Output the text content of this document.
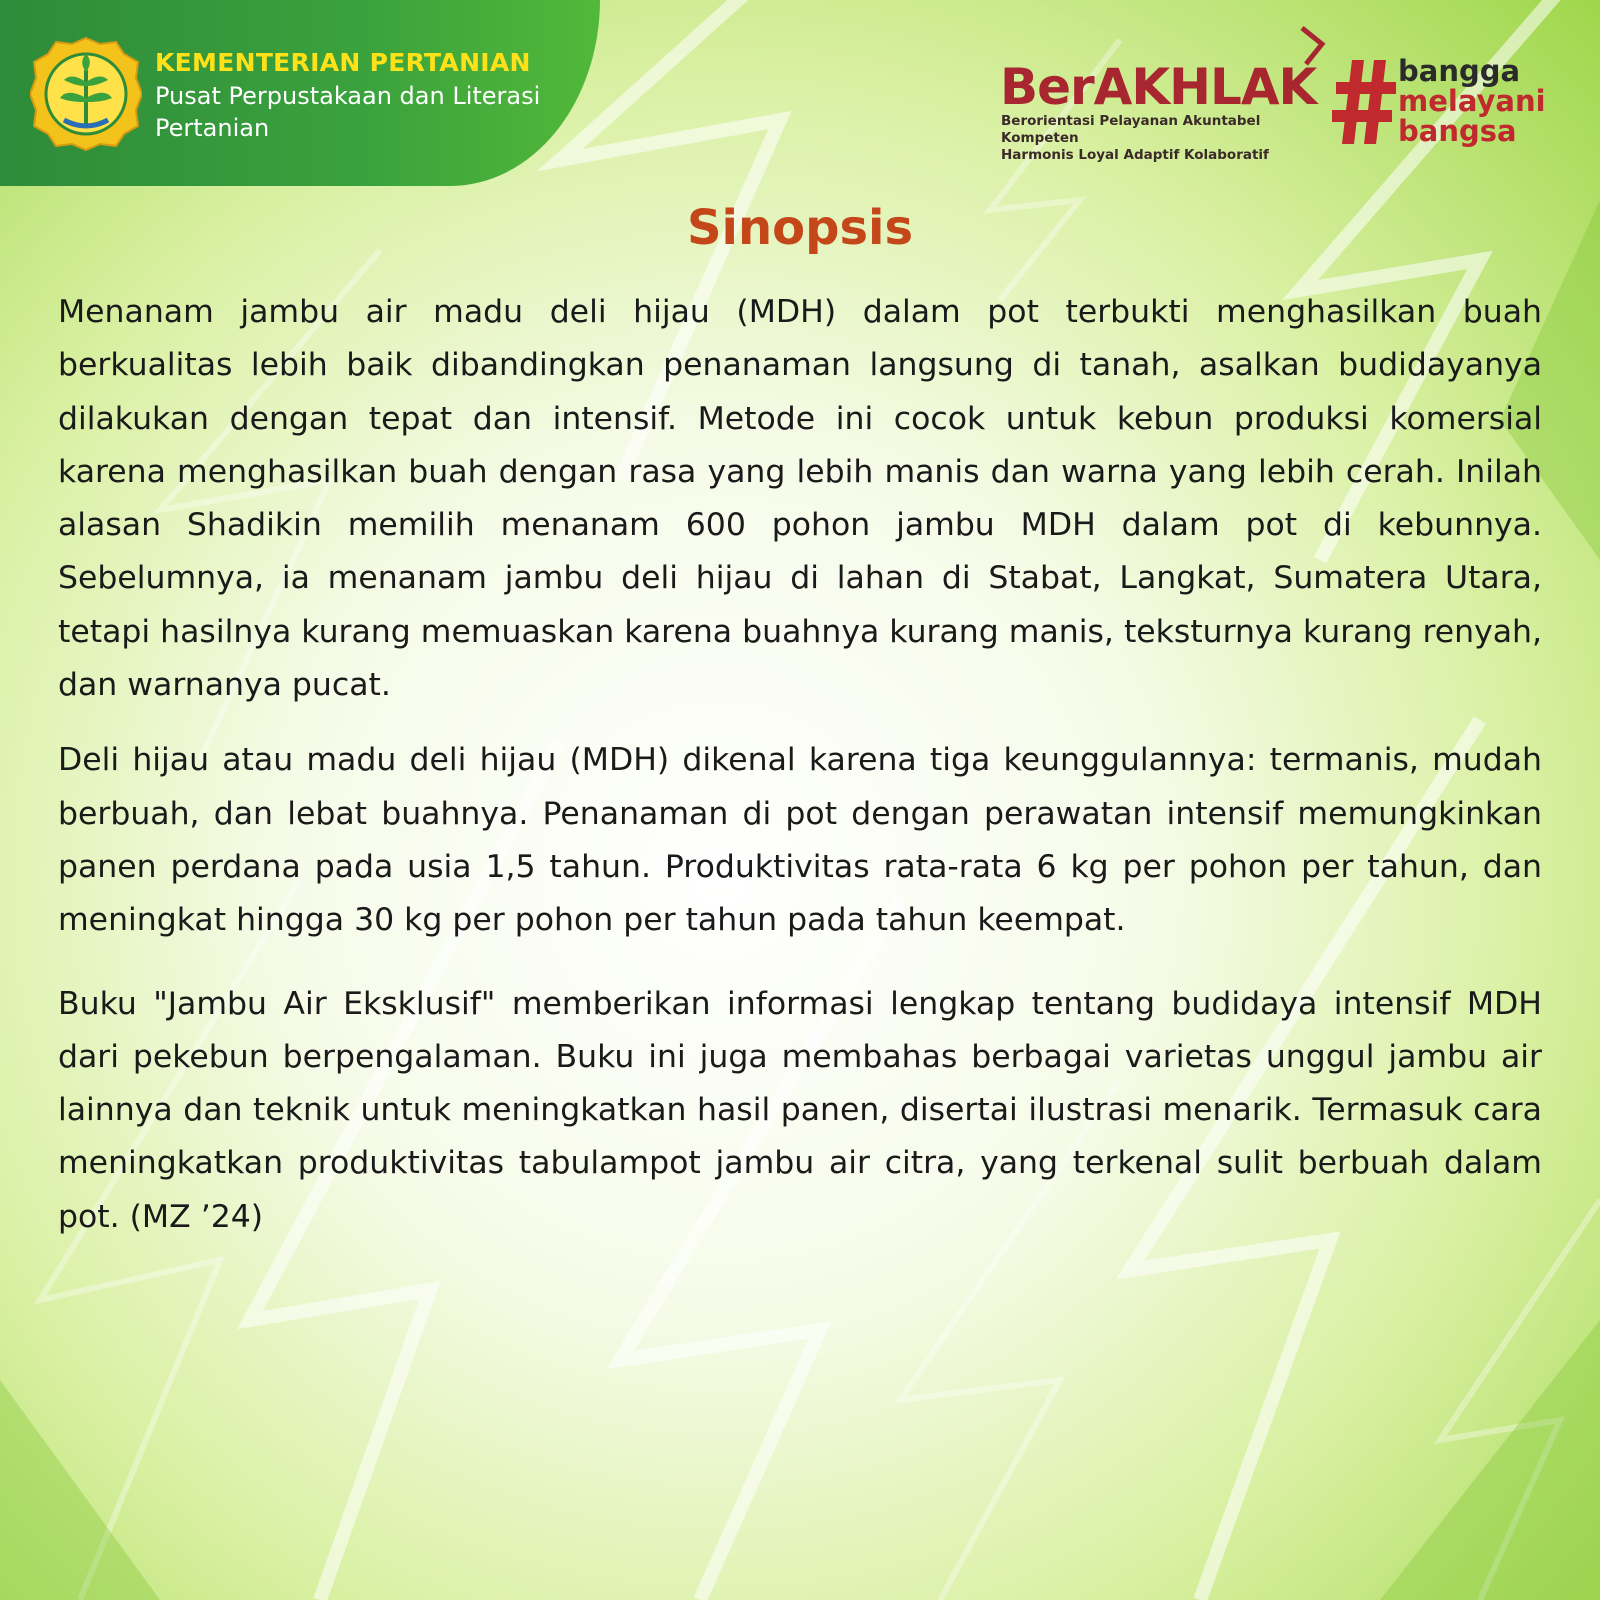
KEMENTERIAN PERTANIAN
Pusat Perpustakaan dan Literasi Pertanian
BerAKHLAK
Berorientasi Pelayanan Akuntabel Kompeten
Harmonis Loyal Adaptif Kolaboratif
bangga
melayani
bangsa
Sinopsis

Menanam jambu air madu deli hijau (MDH) dalam pot terbukti menghasilkan buah berkualitas lebih baik dibandingkan penanaman langsung di tanah, asalkan budidayanya dilakukan dengan tepat dan intensif. Metode ini cocok untuk kebun produksi komersial karena menghasilkan buah dengan rasa yang lebih manis dan warna yang lebih cerah. Inilah alasan Shadikin memilih menanam 600 pohon jambu MDH dalam pot di kebunnya. Sebelumnya, ia menanam jambu deli hijau di lahan di Stabat, Langkat, Sumatera Utara, tetapi hasilnya kurang memuaskan karena buahnya kurang manis, teksturnya kurang renyah, dan warnanya pucat.

Deli hijau atau madu deli hijau (MDH) dikenal karena tiga keunggulannya: termanis, mudah berbuah, dan lebat buahnya. Penanaman di pot dengan perawatan intensif memungkinkan panen perdana pada usia 1,5 tahun. Produktivitas rata-rata 6 kg per pohon per tahun, dan meningkat hingga 30 kg per pohon per tahun pada tahun keempat.

Buku "Jambu Air Eksklusif" memberikan informasi lengkap tentang budidaya intensif MDH dari pekebun berpengalaman. Buku ini juga membahas berbagai varietas unggul jambu air lainnya dan teknik untuk meningkatkan hasil panen, disertai ilustrasi menarik. Termasuk cara meningkatkan produktivitas tabulampot jambu air citra, yang terkenal sulit berbuah dalam pot. (MZ ’24)
